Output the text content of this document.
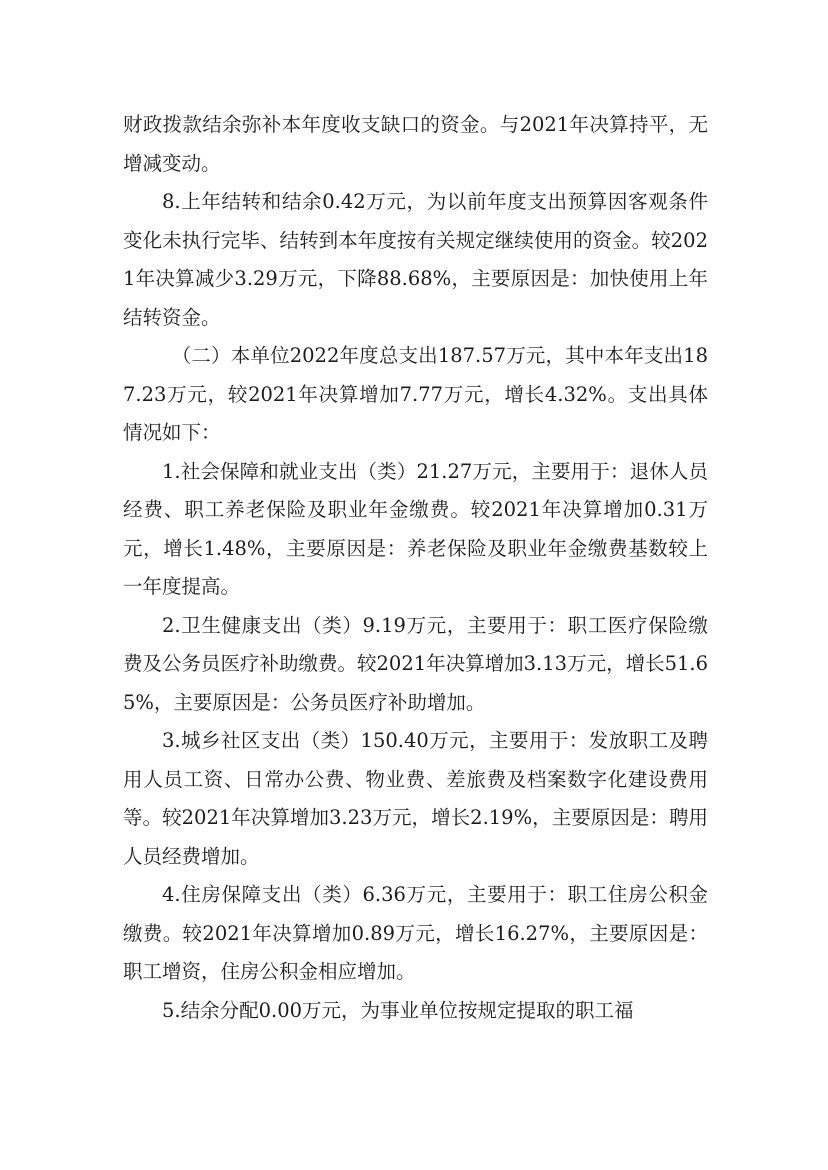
财政拨款结余弥补本年度收支缺口的资金。与2021年决算持平，无增减变动。

8.上年结转和结余0.42万元，为以前年度支出预算因客观条件变化未执行完毕、结转到本年度按有关规定继续使用的资金。较2021年决算减少3.29万元，下降88.68%，主要原因是：加快使用上年结转资金。

（二）本单位2022年度总支出187.57万元，其中本年支出187.23万元，较2021年决算增加7.77万元，增长4.32%。支出具体情况如下：

1.社会保障和就业支出（类）21.27万元，主要用于：退休人员经费、职工养老保险及职业年金缴费。较2021年决算增加0.31万元，增长1.48%，主要原因是：养老保险及职业年金缴费基数较上一年度提高。

2.卫生健康支出（类）9.19万元，主要用于：职工医疗保险缴费及公务员医疗补助缴费。较2021年决算增加3.13万元，增长51.65%，主要原因是：公务员医疗补助增加。

3.城乡社区支出（类）150.40万元，主要用于：发放职工及聘用人员工资、日常办公费、物业费、差旅费及档案数字化建设费用等。较2021年决算增加3.23万元，增长2.19%，主要原因是：聘用人员经费增加。

4.住房保障支出（类）6.36万元，主要用于：职工住房公积金缴费。较2021年决算增加0.89万元，增长16.27%，主要原因是：职工增资，住房公积金相应增加。

5.结余分配0.00万元，为事业单位按规定提取的职工福
